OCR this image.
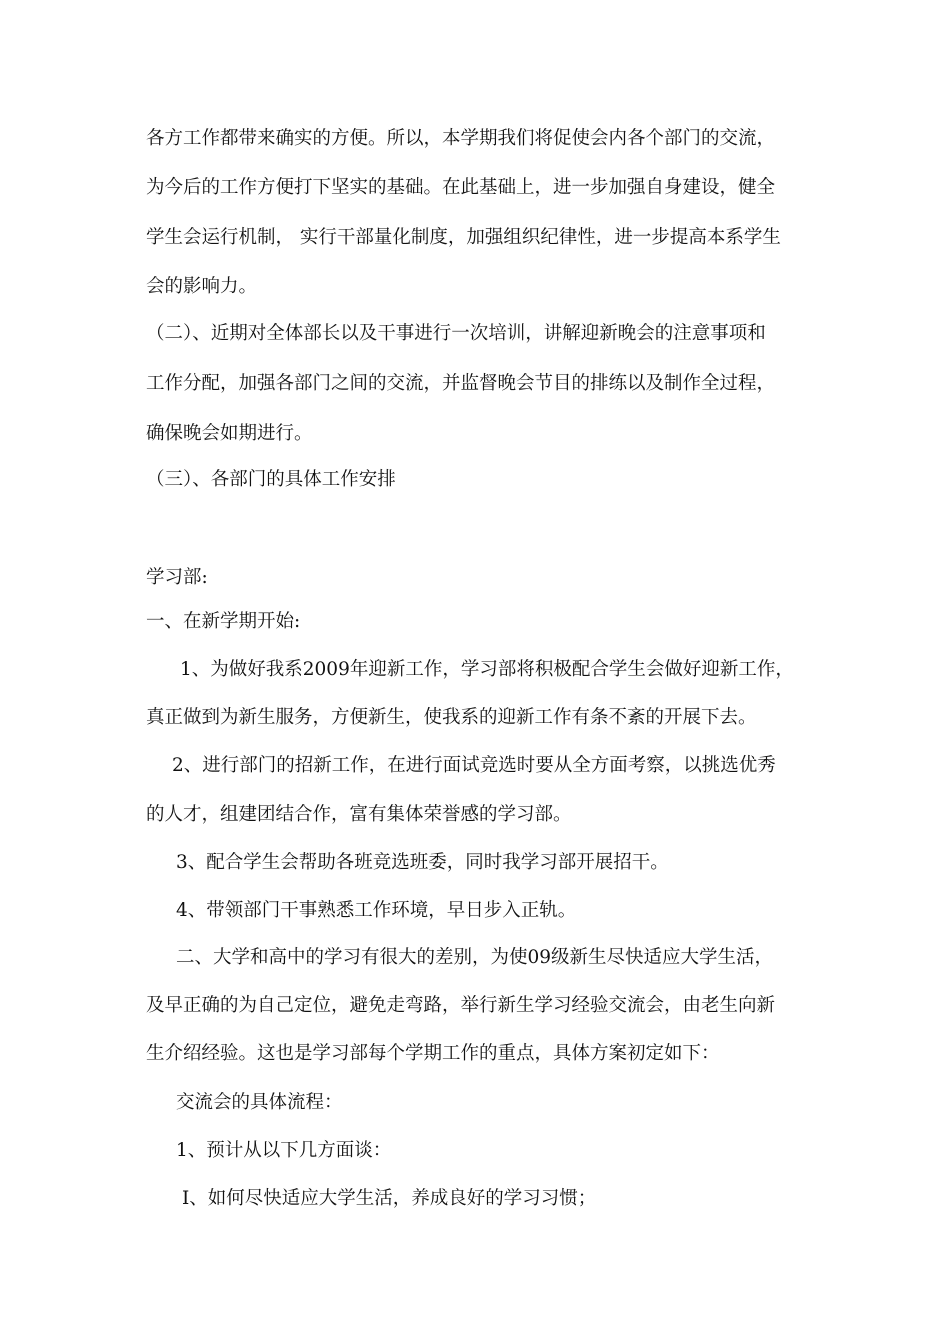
各方工作都带来确实的方便。所以，本学期我们将促使会内各个部门的交流，
为今后的工作方便打下坚实的基础。在此基础上，进一步加强自身建设，健全
学生会运行机制， 实行干部量化制度，加强组织纪律性，进一步提高本系学生
会的影响力。
（二）、近期对全体部长以及干事进行一次培训，讲解迎新晚会的注意事项和
工作分配，加强各部门之间的交流，并监督晚会节目的排练以及制作全过程，
确保晚会如期进行。
（三）、各部门的具体工作安排
学习部:
一、在新学期开始:
1、为做好我系2009年迎新工作，学习部将积极配合学生会做好迎新工作，
真正做到为新生服务，方便新生，使我系的迎新工作有条不紊的开展下去。
2、进行部门的招新工作，在进行面试竞选时要从全方面考察，以挑选优秀
的人才，组建团结合作，富有集体荣誉感的学习部。
3、配合学生会帮助各班竞选班委，同时我学习部开展招干。
4、带领部门干事熟悉工作环境，早日步入正轨。
二、大学和高中的学习有很大的差别，为使09级新生尽快适应大学生活，
及早正确的为自己定位，避免走弯路，举行新生学习经验交流会，由老生向新
生介绍经验。这也是学习部每个学期工作的重点，具体方案初定如下：
交流会的具体流程：
1、预计从以下几方面谈：
Ⅰ、如何尽快适应大学生活，养成良好的学习习惯；
